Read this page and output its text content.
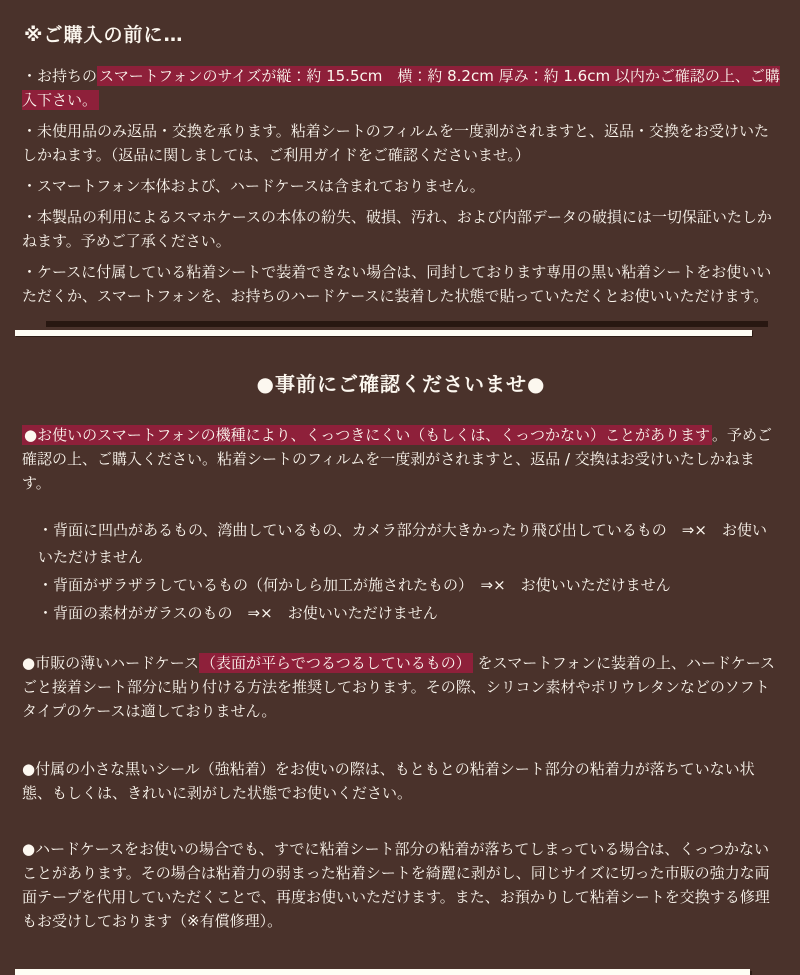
※ご購入の前に…

・お持ちの スマートフォンのサイズが縦：約 15.5cm　横：約 8.2cm 厚み：約 1.6cm 以内かご確認の上、ご購入下さい。

・未使用品のみ返品・交換を承ります。粘着シートのフィルムを一度剥がされますと、返品・交換をお受けいたしかねます。（返品に関しましては、ご利用ガイドをご確認くださいませ。）

・スマートフォン本体および、ハードケースは含まれておりません。

・本製品の利用によるスマホケースの本体の紛失、破損、汚れ、および内部データの破損には一切保証いたしかねます。予めご了承ください。

・ケースに付属している粘着シートで装着できない場合は、同封しております専用の黒い粘着シートをお使いいただくか、スマートフォンを、お持ちのハードケースに装着した状態で貼っていただくとお使いいただけます。

●事前にご確認くださいませ●

●お使いのスマートフォンの機種により、くっつきにくい（もしくは、くっつかない）ことがあります 。予めご確認の上、ご購入ください。粘着シートのフィルムを一度剥がされますと、返品 / 交換はお受けいたしかねます。

・背面に凹凸があるもの、湾曲しているもの、カメラ部分が大きかったり飛び出しているもの　⇒×　お使いいただけません

・背面がザラザラしているもの（何かしら加工が施されたもの）　⇒×　お使いいただけません

・背面の素材がガラスのもの　⇒×　お使いいただけません

●市販の薄いハードケース （表面が平らでつるつるしているもの） をスマートフォンに装着の上、ハードケースごと接着シート部分に貼り付ける方法を推奨しております。その際、シリコン素材やポリウレタンなどのソフトタイプのケースは適しておりません。

●付属の小さな黒いシール（強粘着）をお使いの際は、もともとの粘着シート部分の粘着力が落ちていない状態、もしくは、きれいに剥がした状態でお使いください。

●ハードケースをお使いの場合でも、すでに粘着シート部分の粘着が落ちてしまっている場合は、くっつかないことがあります。その場合は粘着力の弱まった粘着シートを綺麗に剥がし、同じサイズに切った市販の強力な両面テープを代用していただくことで、再度お使いいただけます。また、お預かりして粘着シートを交換する修理もお受けしております（※有償修理）。
